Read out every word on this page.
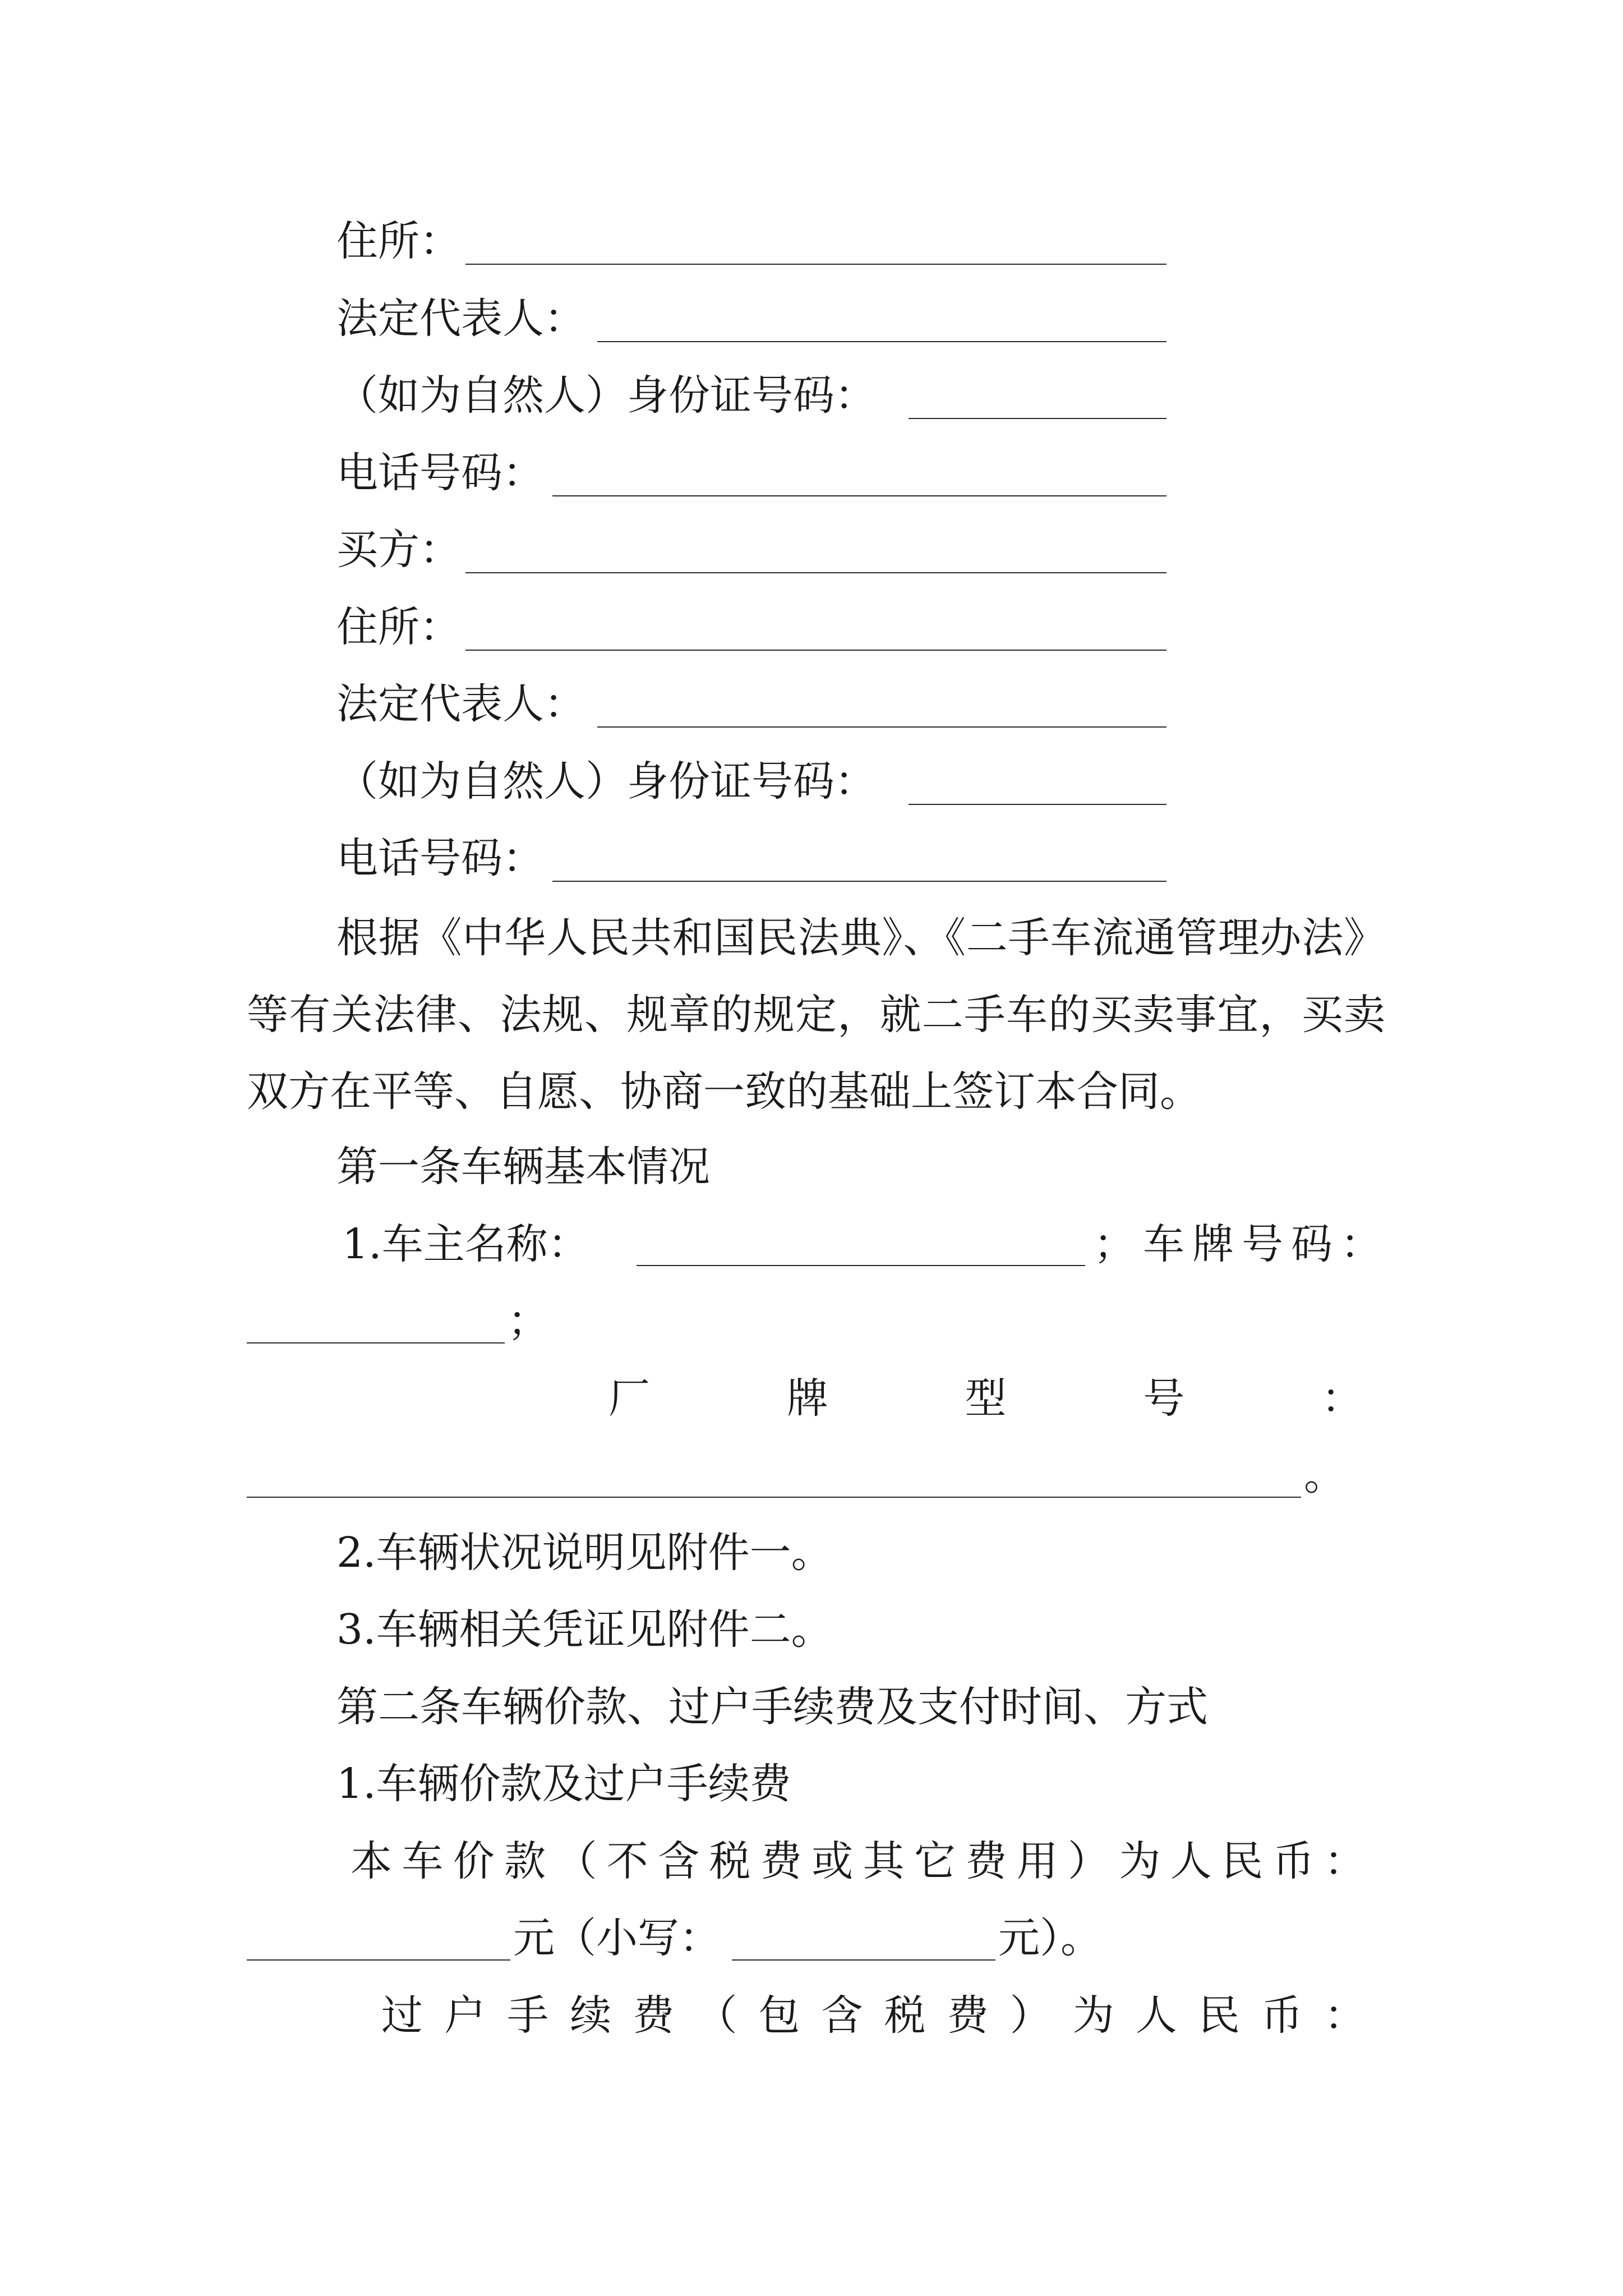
住所：
法定代表人：
（如为自然人）身份证号码：
电话号码：
买方：
住所：
法定代表人：
（如为自然人）身份证号码：
电话号码：
根据《中华人民共和国民法典》、《二手车流通管理办法》等有关法律、法规、规章的规定，就二手车的买卖事宜，买卖双方在平等、自愿、协商一致的基础上签订本合同。
第一条车辆基本情况
1.车主名称：	；车牌号码：
；
厂	牌	型	号	：
。
2.车辆状况说明见附件一。
3.车辆相关凭证见附件二。
第二条车辆价款、过户手续费及支付时间、方式
1.车辆价款及过户手续费
本 车 价 款 （ 不 含 税 费 或 其 它 费 用 ） 为 人 民 币 ：
元（小写：	元）。
过 户 手 续 费 （ 包 含 税 费 ） 为 人 民 币 ：
